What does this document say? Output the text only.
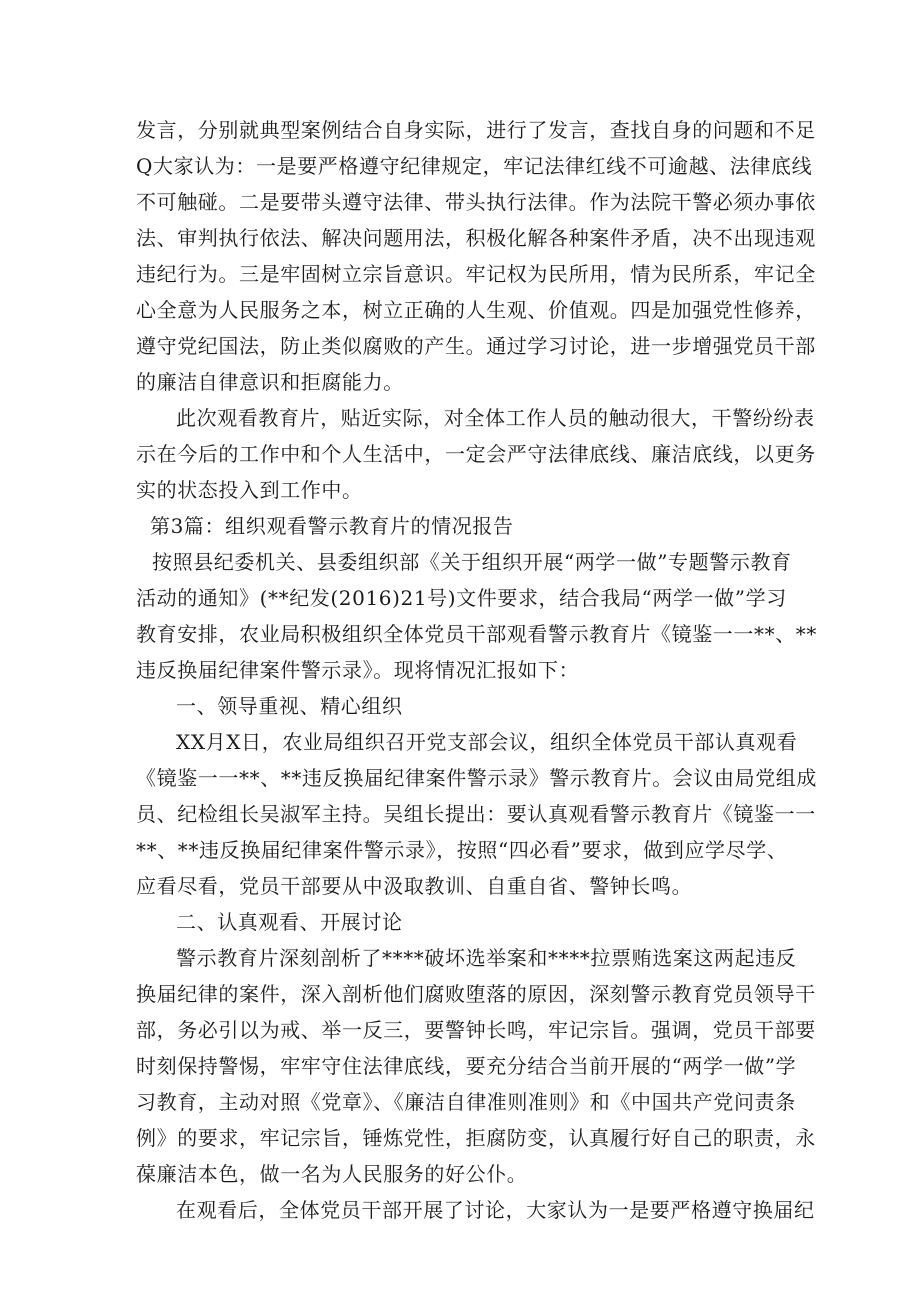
发言，分别就典型案例结合自身实际，进行了发言，查找自身的问题和不足
Q大家认为：一是要严格遵守纪律规定，牢记法律红线不可逾越、法律底线
不可触碰。二是要带头遵守法律、带头执行法律。作为法院干警必须办事依
法、审判执行依法、解决问题用法，积极化解各种案件矛盾，决不出现违观
违纪行为。三是牢固树立宗旨意识。牢记权为民所用，情为民所系，牢记全
心全意为人民服务之本，树立正确的人生观、价值观。四是加强党性修养，
遵守党纪国法，防止类似腐败的产生。通过学习讨论，进一步增强党员干部
的廉洁自律意识和拒腐能力。
此次观看教育片，贴近实际，对全体工作人员的触动很大，干警纷纷表
示在今后的工作中和个人生活中，一定会严守法律底线、廉洁底线，以更务
实的状态投入到工作中。
第3篇：组织观看警示教育片的情况报告
按照县纪委机关、县委组织部《关于组织开展“两学一做”专题警示教育
活动的通知》(**纪发(2016)21号)文件要求，结合我局“两学一做”学习
教育安排，农业局积极组织全体党员干部观看警示教育片《镜鉴一一**、**
违反换届纪律案件警示录》。现将情况汇报如下：
一、领导重视、精心组织
XX月X日，农业局组织召开党支部会议，组织全体党员干部认真观看
《镜鉴一一**、**违反换届纪律案件警示录》警示教育片。会议由局党组成
员、纪检组长吴淑军主持。吴组长提出：要认真观看警示教育片《镜鉴一一
**、**违反换届纪律案件警示录》，按照“四必看”要求，做到应学尽学、
应看尽看，党员干部要从中汲取教训、自重自省、警钟长鸣。
二、认真观看、开展讨论
警示教育片深刻剖析了****破坏选举案和****拉票贿选案这两起违反
换届纪律的案件，深入剖析他们腐败堕落的原因，深刻警示教育党员领导干
部，务必引以为戒、举一反三，要警钟长鸣，牢记宗旨。强调，党员干部要
时刻保持警惕，牢牢守住法律底线，要充分结合当前开展的“两学一做”学
习教育，主动对照《党章》、《廉洁自律准则准则》和《中国共产党问责条
例》的要求，牢记宗旨，锤炼党性，拒腐防变，认真履行好自己的职责，永
葆廉洁本色，做一名为人民服务的好公仆。
在观看后，全体党员干部开展了讨论，大家认为一是要严格遵守换届纪
